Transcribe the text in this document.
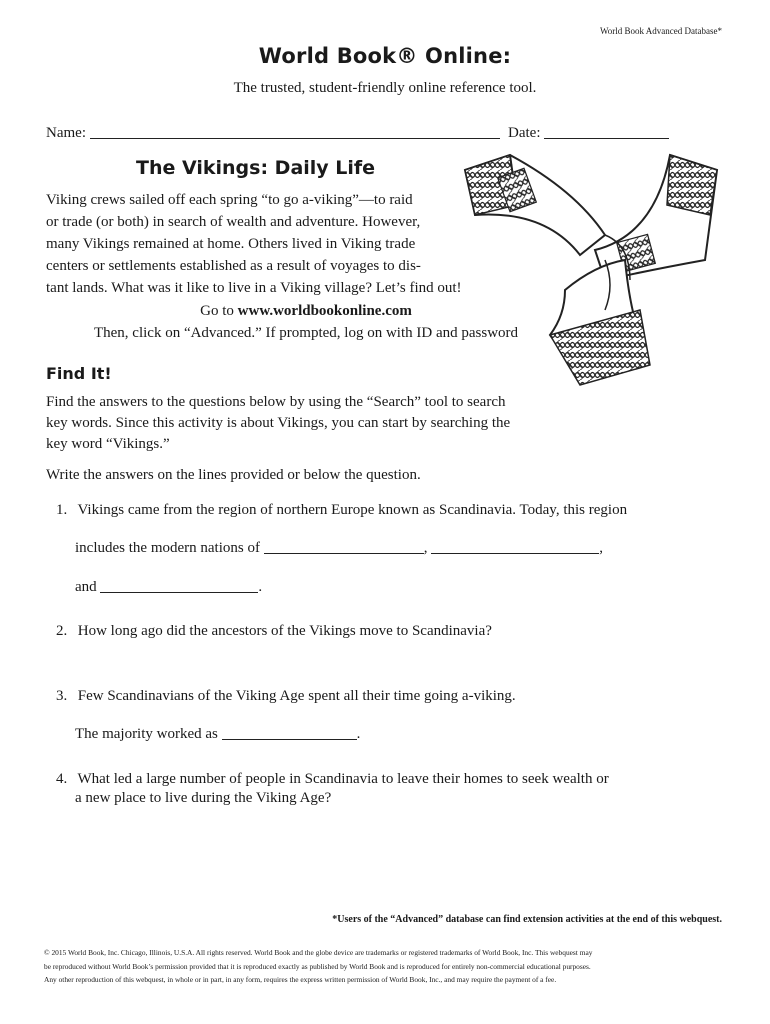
World Book Advanced Database*
World Book® Online:
The trusted, student-friendly online reference tool.
Name:	Date:
The Vikings: Daily Life
Viking crews sailed off each spring “to go a-viking”—to raid
or trade (or both) in search of wealth and adventure. However,
many Vikings remained at home. Others lived in Viking trade
centers or settlements established as a result of voyages to dis-
tant lands. What was it like to live in a Viking village? Let’s find out!
Go to www.worldbookonline.com
Then, click on “Advanced.” If prompted, log on with ID and password
Find It!
Find the answers to the questions below by using the “Search” tool to search
key words. Since this activity is about Vikings, you can start by searching the
key word “Vikings.”
Write the answers on the lines provided or below the question.
1. Vikings came from the region of northern Europe known as Scandinavia. Today, this region
includes the modern nations of	,	,
and	.
2. How long ago did the ancestors of the Vikings move to Scandinavia?
3. Few Scandinavians of the Viking Age spent all their time going a-viking.
The majority worked as	.
4. What led a large number of people in Scandinavia to leave their homes to seek wealth or
a new place to live during the Viking Age?
*Users of the “Advanced” database can find extension activities at the end of this webquest.
© 2015 World Book, Inc. Chicago, Illinois, U.S.A. All rights reserved. World Book and the globe device are trademarks or registered trademarks of World Book, Inc. This webquest may
be reproduced without World Book’s permission provided that it is reproduced exactly as published by World Book and is reproduced for entirely non-commercial educational purposes.
Any other reproduction of this webquest, in whole or in part, in any form, requires the express written permission of World Book, Inc., and may require the payment of a fee.
